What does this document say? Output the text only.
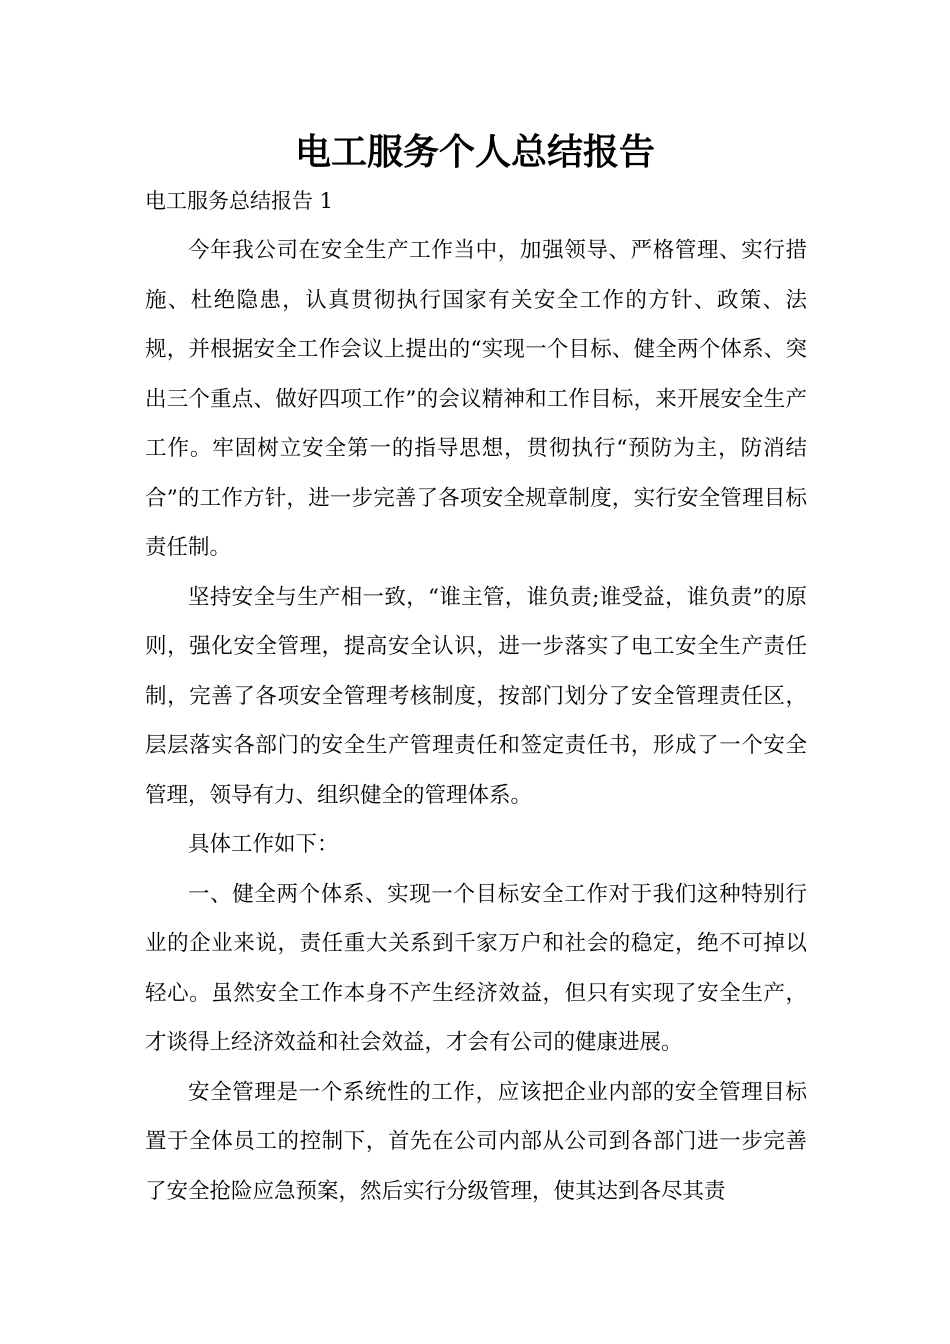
电工服务个人总结报告

电工服务总结报告 1

今年我公司在安全生产工作当中，加强领导、严格管理、实行措施、杜绝隐患，认真贯彻执行国家有关安全工作的方针、政策、法规，并根据安全工作会议上提出的“实现一个目标、健全两个体系、突出三个重点、做好四项工作”的会议精神和工作目标，来开展安全生产工作。牢固树立安全第一的指导思想，贯彻执行“预防为主，防消结合”的工作方针，进一步完善了各项安全规章制度，实行安全管理目标责任制。

坚持安全与生产相一致，“谁主管，谁负责;谁受益，谁负责”的原则，强化安全管理，提高安全认识，进一步落实了电工安全生产责任制，完善了各项安全管理考核制度，按部门划分了安全管理责任区，层层落实各部门的安全生产管理责任和签定责任书，形成了一个安全管理，领导有力、组织健全的管理体系。

具体工作如下：

一、健全两个体系、实现一个目标安全工作对于我们这种特别行业的企业来说，责任重大关系到千家万户和社会的稳定，绝不可掉以轻心。虽然安全工作本身不产生经济效益，但只有实现了安全生产，才谈得上经济效益和社会效益，才会有公司的健康进展。

安全管理是一个系统性的工作，应该把企业内部的安全管理目标置于全体员工的控制下，首先在公司内部从公司到各部门进一步完善了安全抢险应急预案，然后实行分级管理，使其达到各尽其责
